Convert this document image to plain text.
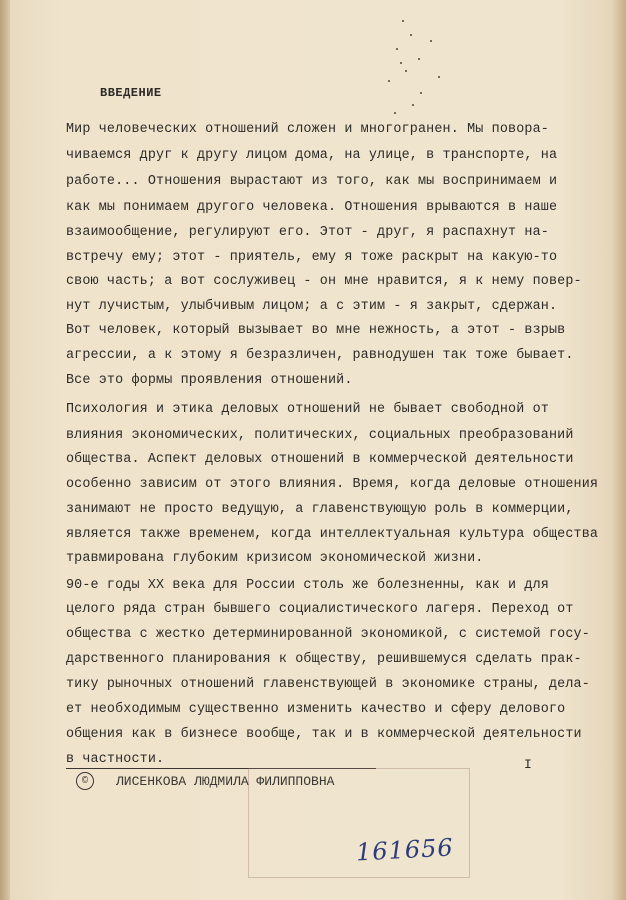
ВВЕДЕНИЕ
Мир человеческих отношений сложен и многогранен. Мы повора-
чиваемся друг к другу лицом дома, на улице, в транспорте, на
работе... Отношения вырастают из того, как мы воспринимаем и
как мы понимаем другого человека. Отношения врываются в наше
взаимообщение, регулируют его. Этот - друг, я распахнут на-
встречу ему; этот - приятель, ему я тоже раскрыт на какую-то
свою часть; а вот сослуживец - он мне нравится, я к нему повер-
нут лучистым, улыбчивым лицом; а с этим - я закрыт, сдержан.
Вот человек, который вызывает во мне нежность, а этот - взрыв
агрессии, а к этому я безразличен, равнодушен так тоже бывает.
Все это формы проявления отношений.
Психология и этика деловых отношений не бывает свободной от
влияния экономических, политических, социальных преобразований
общества. Аспект деловых отношений в коммерческой деятельности
особенно зависим от этого влияния. Время, когда деловые отношения
занимают не просто ведущую, а главенствующую роль в коммерции,
является также временем, когда интеллектуальная культура общества
травмирована глубоким кризисом экономической жизни.
90-е годы XX века для России столь же болезненны, как и для
целого ряда стран бывшего социалистического лагеря. Переход от
общества с жестко детерминированной экономикой, с системой госу-
дарственного планирования к обществу, решившемуся сделать прак-
тику рыночных отношений главенствующей в экономике страны, дела-
ет необходимым существенно изменить качество и сферу делового
общения как в бизнесе вообще, так и в коммерческой деятельности
в частности.	I
©	ЛИСЕНКОВА ЛЮДМИЛА ФИЛИППОВНА
161656
